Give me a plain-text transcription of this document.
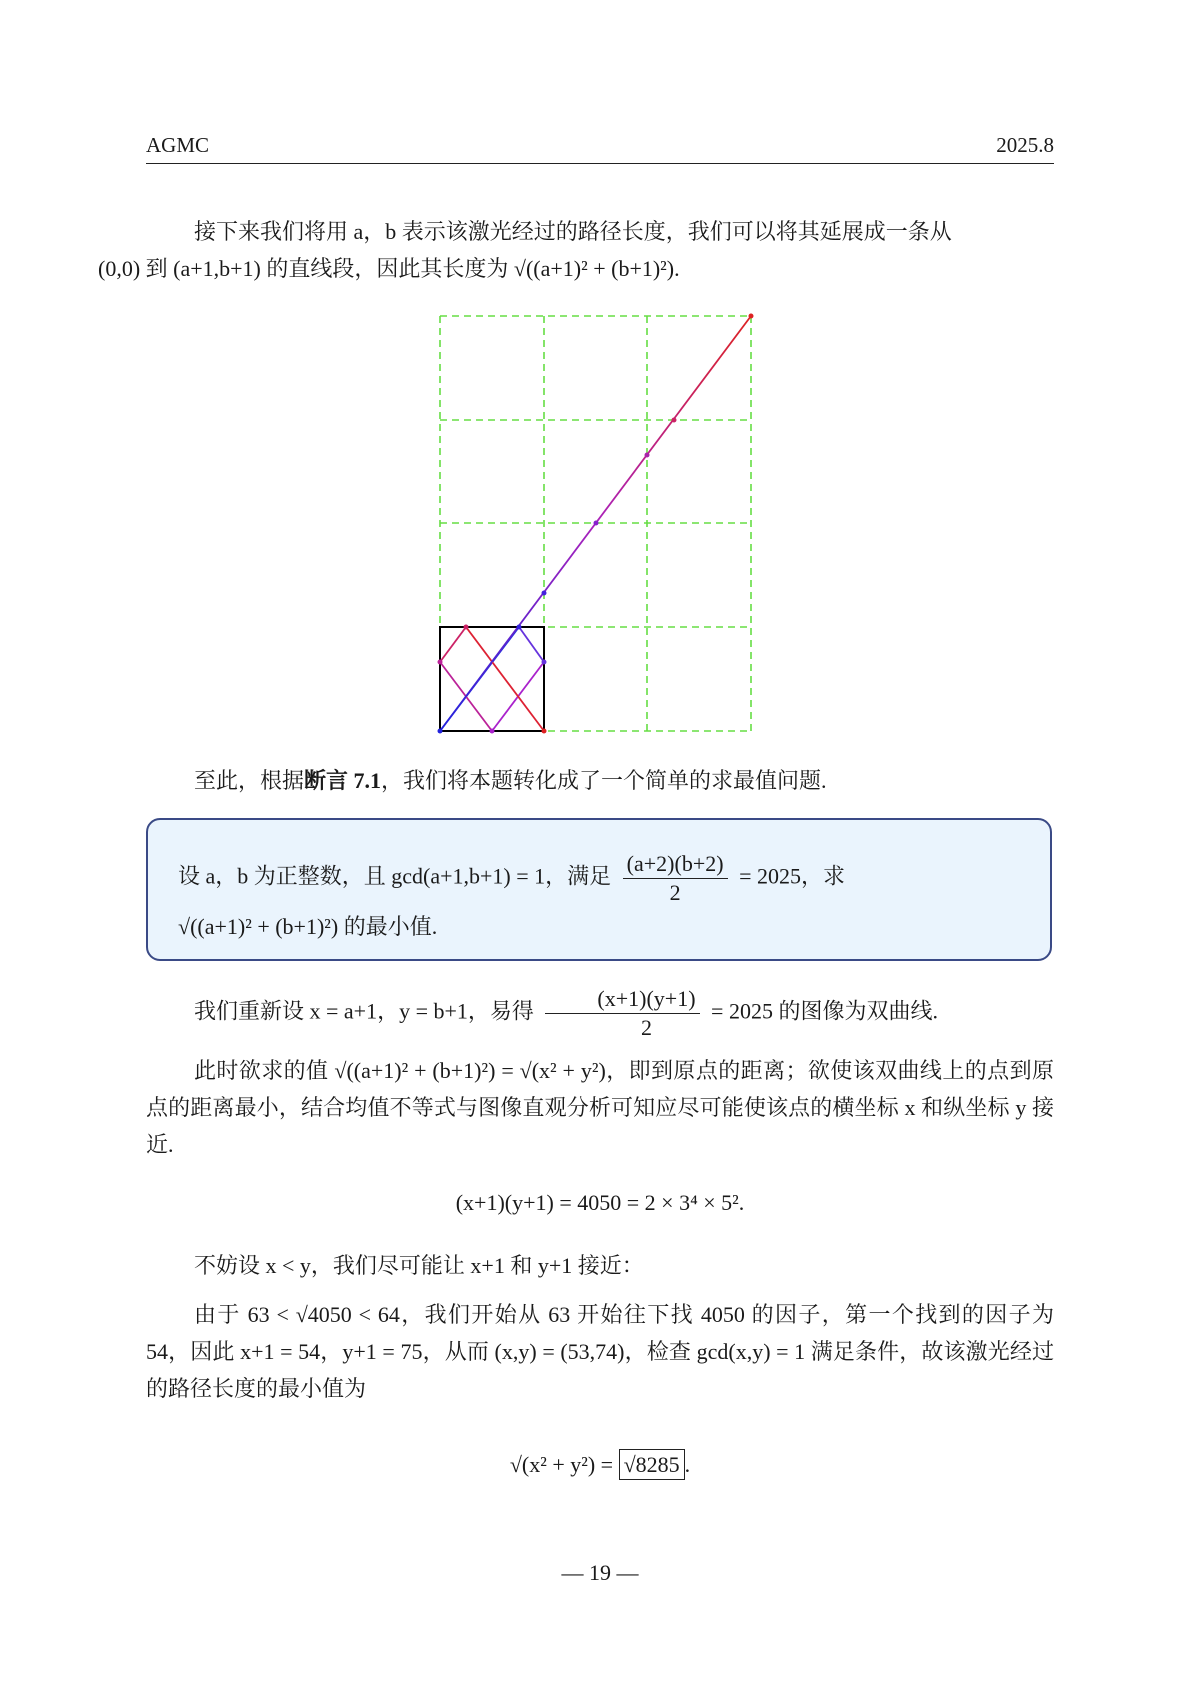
AGMC	2025.8
接下来我们将用 a，b 表示该激光经过的路径长度，我们可以将其延展成一条从
(0,0) 到 (a+1,b+1) 的直线段，因此其长度为 √((a+1)² + (b+1)²).
至此，根据断言 7.1，我们将本题转化成了一个简单的求最值问题.
设 a，b 为正整数，且 gcd(a+1,b+1) = 1，满足 $\frac{(a+2)(b+2)}{2} = 2025$，求
√((a+1)² + (b+1)²) 的最小值.
我们重新设 x = a+1，y = b+1，易得 $\frac{(x+1)(y+1)}{2} = 2025$ 的图像为双曲线.
此时欲求的值 √((a+1)² + (b+1)²) = √(x² + y²)，即到原点的距离；欲使该双曲线上的点到原点的距离最小，结合均值不等式与图像直观分析可知应尽可能使该点的横坐标 x 和纵坐标 y 接近.
(x+1)(y+1) = 4050 = 2 × 3⁴ × 5².
不妨设 x < y，我们尽可能让 x+1 和 y+1 接近：
由于 63 < √4050 < 64，我们开始从 63 开始往下找 4050 的因子，第一个找到的因子为 54，因此 x+1 = 54，y+1 = 75，从而 (x,y) = (53,74)，检查 gcd(x,y) = 1 满足条件，故该激光经过的路径长度的最小值为
√(x² + y²) = √8285 .
— 19 —
